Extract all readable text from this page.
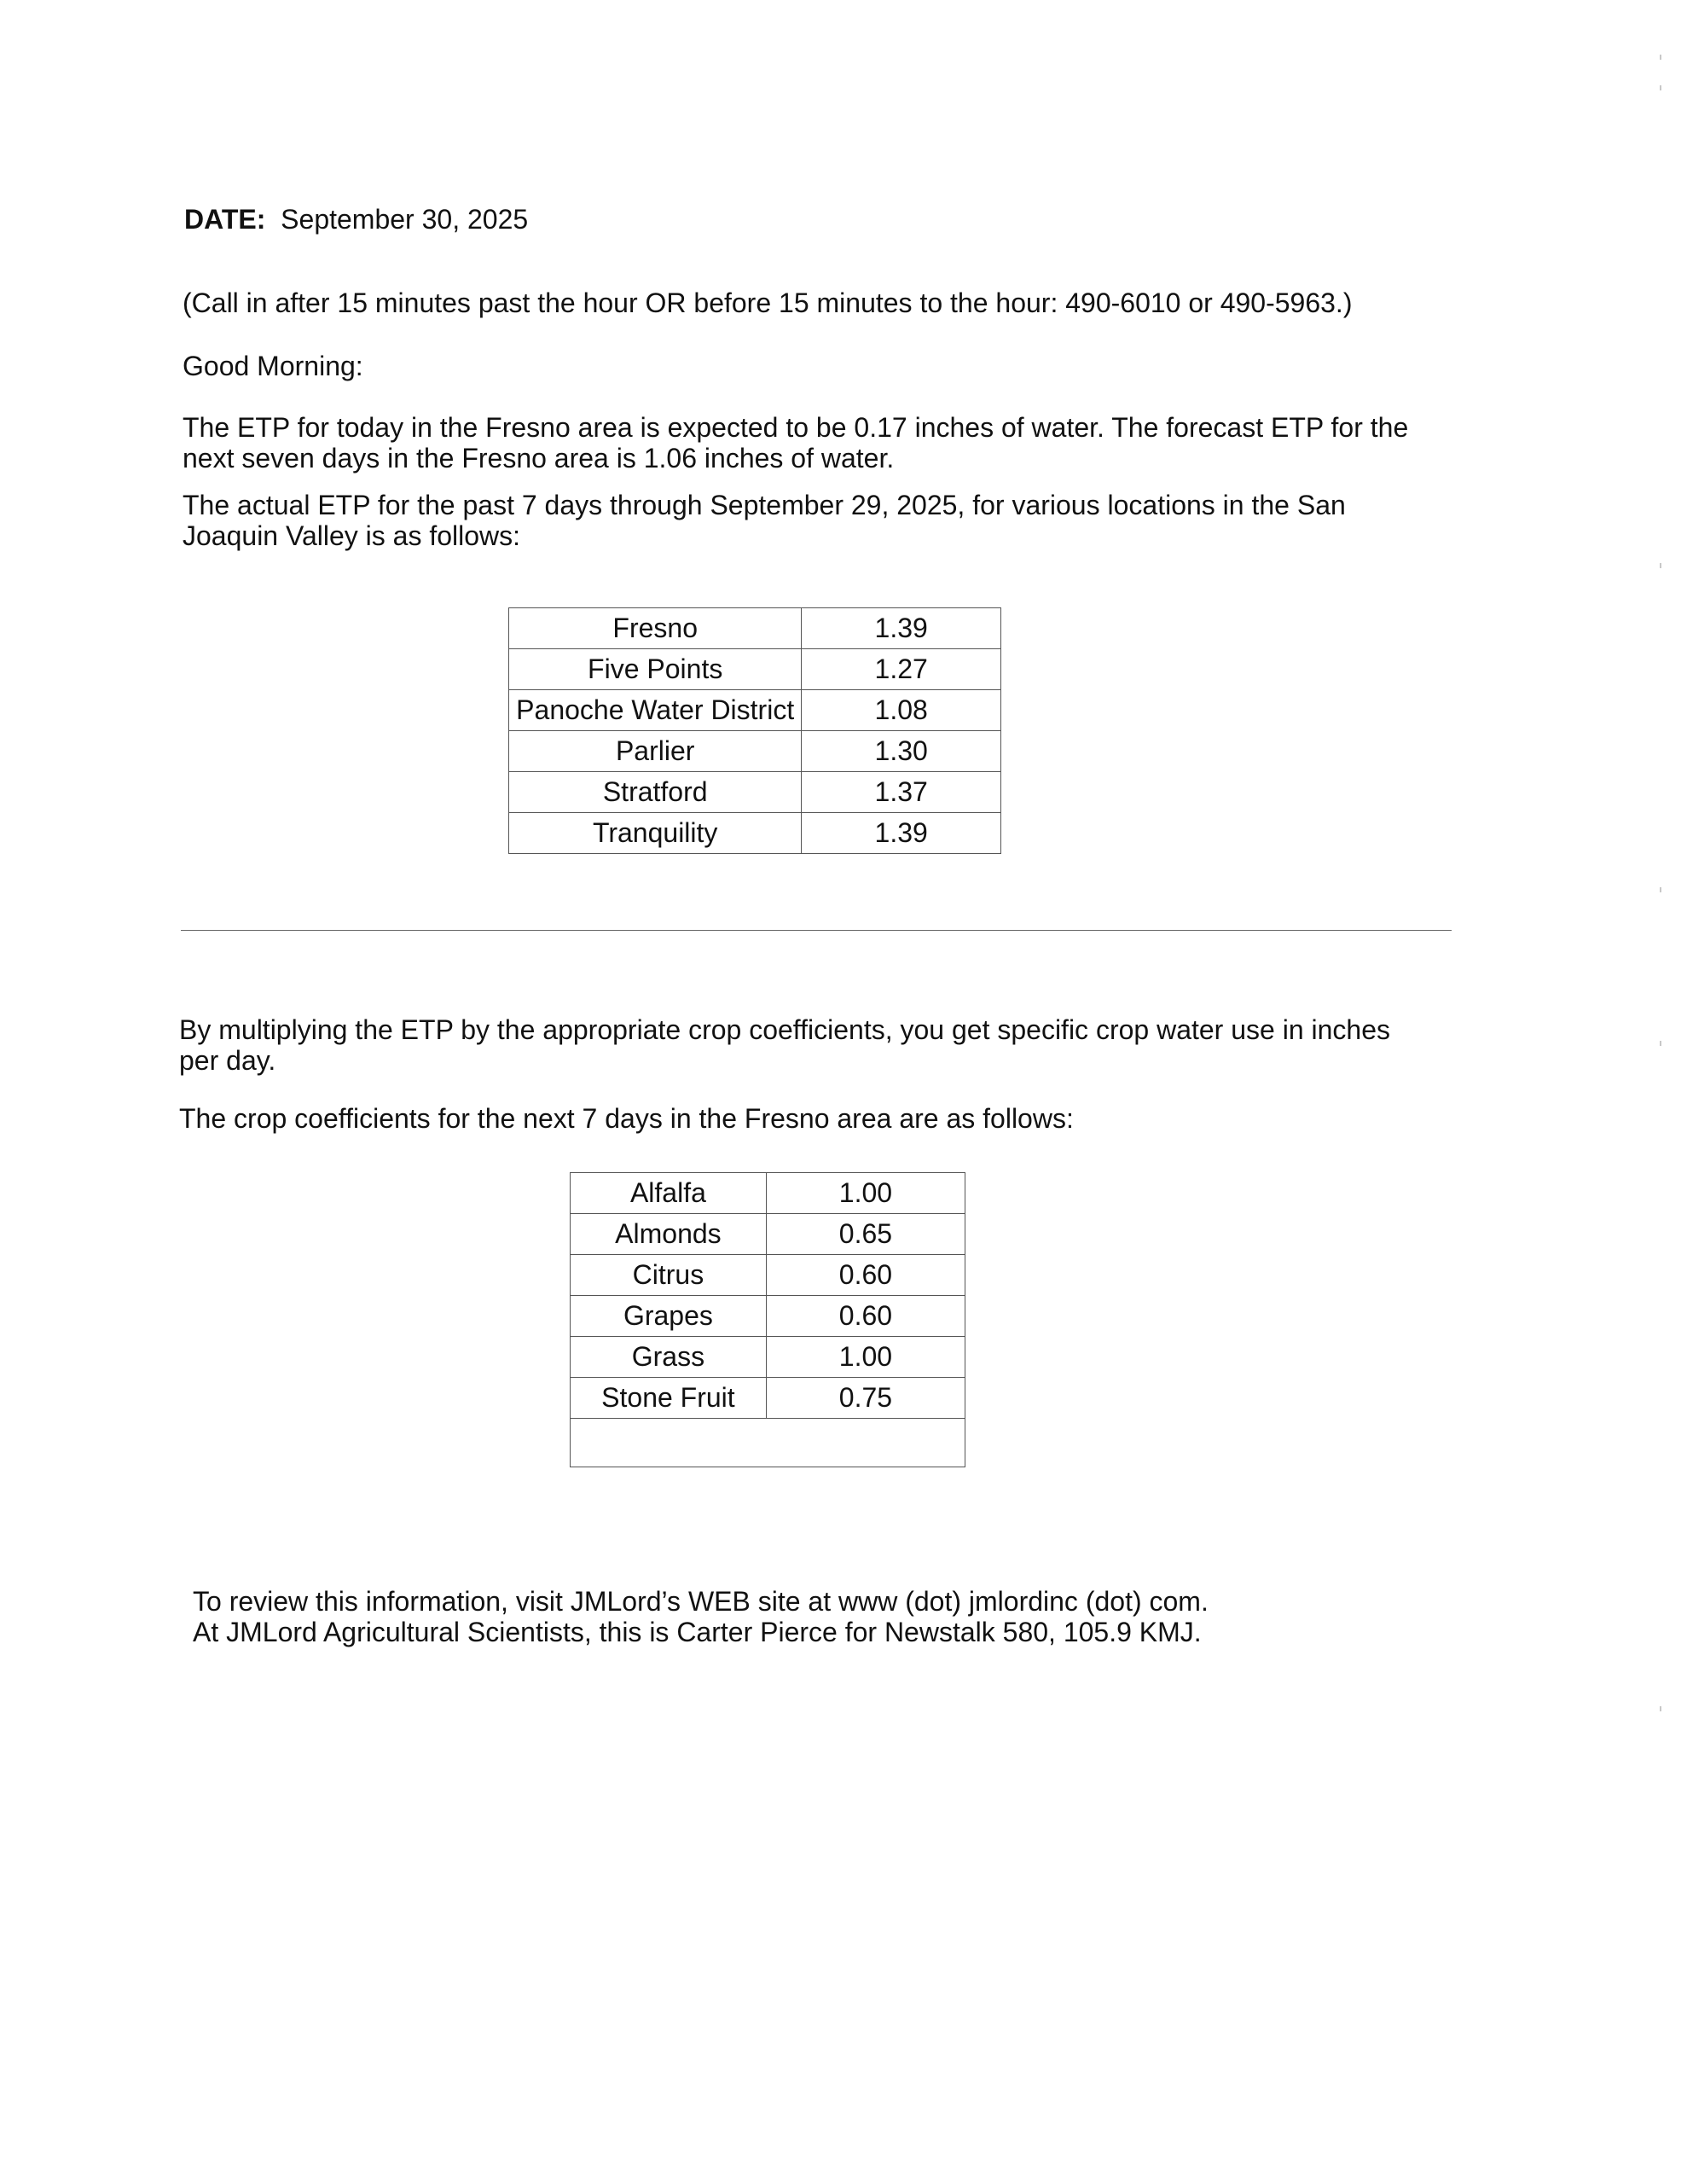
DATE: September 30, 2025

(Call in after 15 minutes past the hour OR before 15 minutes to the hour: 490-6010 or 490-5963.)

Good Morning:

The ETP for today in the Fresno area is expected to be 0.17 inches of water. The forecast ETP for the next seven days in the Fresno area is 1.06 inches of water.

The actual ETP for the past 7 days through September 29, 2025, for various locations in the San Joaquin Valley is as follows:

Fresno	1.39
Five Points	1.27
Panoche Water District	1.08
Parlier	1.30
Stratford	1.37
Tranquility	1.39

By multiplying the ETP by the appropriate crop coefficients, you get specific crop water use in inches per day.

The crop coefficients for the next 7 days in the Fresno area are as follows:

Alfalfa	1.00
Almonds	0.65
Citrus	0.60
Grapes	0.60
Grass	1.00
Stone Fruit	0.75

To review this information, visit JMLord’s WEB site at www (dot) jmlordinc (dot) com.

At JMLord Agricultural Scientists, this is Carter Pierce for Newstalk 580, 105.9 KMJ.
